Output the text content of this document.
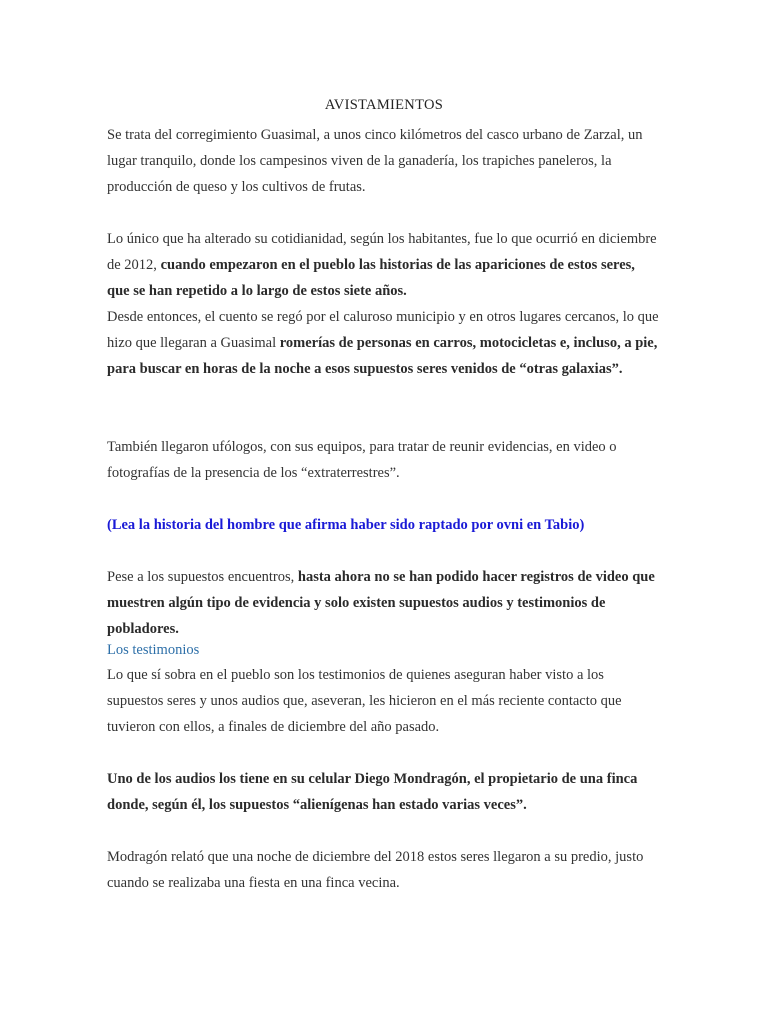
AVISTAMIENTOS
Se trata del corregimiento Guasimal, a unos cinco kilómetros del casco urbano de Zarzal, un lugar tranquilo, donde los campesinos viven de la ganadería, los trapiches paneleros, la producción de queso y los cultivos de frutas.
Lo único que ha alterado su cotidianidad, según los habitantes, fue lo que ocurrió en diciembre de 2012, cuando empezaron en el pueblo las historias de las apariciones de estos seres, que se han repetido a lo largo de estos siete años.
Desde entonces, el cuento se regó por el caluroso municipio y en otros lugares cercanos, lo que hizo que llegaran a Guasimal romerías de personas en carros, motocicletas e, incluso, a pie, para buscar en horas de la noche a esos supuestos seres venidos de “otras galaxias”.
También llegaron ufólogos, con sus equipos, para tratar de reunir evidencias, en video o fotografías de la presencia de los “extraterrestres”.
(Lea la historia del hombre que afirma haber sido raptado por ovni en Tabio)
Pese a los supuestos encuentros, hasta ahora no se han podido hacer registros de video que muestren algún tipo de evidencia y solo existen supuestos audios y testimonios de pobladores.
Los testimonios
Lo que sí sobra en el pueblo son los testimonios de quienes aseguran haber visto a los supuestos seres y unos audios que, aseveran, les hicieron en el más reciente contacto que tuvieron con ellos, a finales de diciembre del año pasado.
Uno de los audios los tiene en su celular Diego Mondragón, el propietario de una finca donde, según él, los supuestos “alienígenas han estado varias veces”.
Modragón relató que una noche de diciembre del 2018 estos seres llegaron a su predio, justo cuando se realizaba una fiesta en una finca vecina.
